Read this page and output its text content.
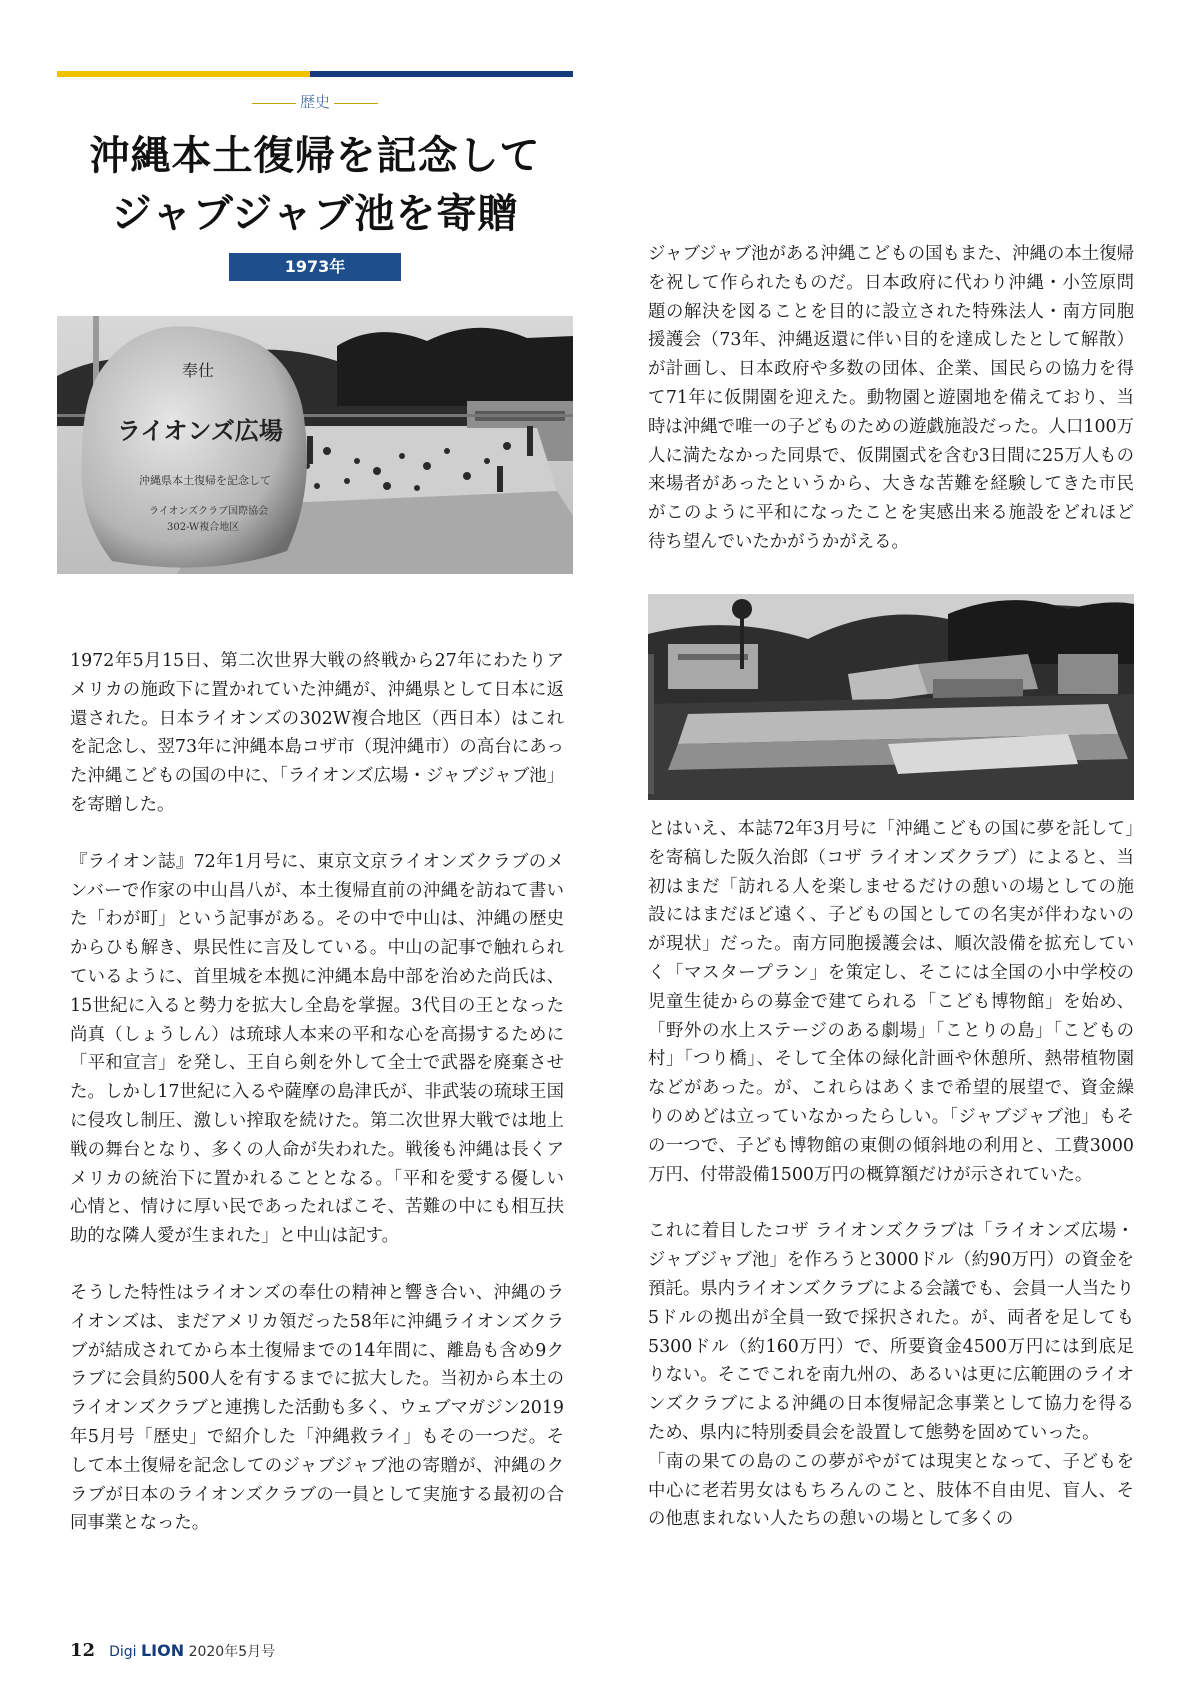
歴史
沖縄本土復帰を記念して
ジャブジャブ池を寄贈
1973年
奉仕
ライオンズ広場
沖縄県本土復帰を記念して
ライオンズクラブ国際協会
302-W複合地区

1972年5月15日、第二次世界大戦の終戦から27年にわたりアメリカの施政下に置かれていた沖縄が、沖縄県として日本に返還された。日本ライオンズの302W複合地区（西日本）はこれを記念し、翌73年に沖縄本島コザ市（現沖縄市）の高台にあった沖縄こどもの国の中に、「ライオンズ広場・ジャブジャブ池」を寄贈した。

『ライオン誌』72年1月号に、東京文京ライオンズクラブのメンバーで作家の中山昌八が、本土復帰直前の沖縄を訪ねて書いた「わが町」という記事がある。その中で中山は、沖縄の歴史からひも解き、県民性に言及している。中山の記事で触れられているように、首里城を本拠に沖縄本島中部を治めた尚氏は、15世紀に入ると勢力を拡大し全島を掌握。3代目の王となった尚真（しょうしん）は琉球人本来の平和な心を高揚するために「平和宣言」を発し、王自ら剣を外して全士で武器を廃棄させた。しかし17世紀に入るや薩摩の島津氏が、非武装の琉球王国に侵攻し制圧、激しい搾取を続けた。第二次世界大戦では地上戦の舞台となり、多くの人命が失われた。戦後も沖縄は長くアメリカの統治下に置かれることとなる。「平和を愛する優しい心情と、情けに厚い民であったればこそ、苦難の中にも相互扶助的な隣人愛が生まれた」と中山は記す。

そうした特性はライオンズの奉仕の精神と響き合い、沖縄のライオンズは、まだアメリカ領だった58年に沖縄ライオンズクラブが結成されてから本土復帰までの14年間に、離島も含め9クラブに会員約500人を有するまでに拡大した。当初から本土のライオンズクラブと連携した活動も多く、ウェブマガジン2019年5月号「歴史」で紹介した「沖縄救ライ」もその一つだ。そして本土復帰を記念してのジャブジャブ池の寄贈が、沖縄のクラブが日本のライオンズクラブの一員として実施する最初の合同事業となった。

ジャブジャブ池がある沖縄こどもの国もまた、沖縄の本土復帰を祝して作られたものだ。日本政府に代わり沖縄・小笠原問題の解決を図ることを目的に設立された特殊法人・南方同胞援護会（73年、沖縄返還に伴い目的を達成したとして解散）が計画し、日本政府や多数の団体、企業、国民らの協力を得て71年に仮開園を迎えた。動物園と遊園地を備えており、当時は沖縄で唯一の子どものための遊戯施設だった。人口100万人に満たなかった同県で、仮開園式を含む3日間に25万人もの来場者があったというから、大きな苦難を経験してきた市民がこのように平和になったことを実感出来る施設をどれほど待ち望んでいたかがうかがえる。

とはいえ、本誌72年3月号に「沖縄こどもの国に夢を託して」を寄稿した阪久治郎（コザ ライオンズクラブ）によると、当初はまだ「訪れる人を楽しませるだけの憩いの場としての施設にはまだほど遠く、子どもの国としての名実が伴わないのが現状」だった。南方同胞援護会は、順次設備を拡充していく「マスタープラン」を策定し、そこには全国の小中学校の児童生徒からの募金で建てられる「こども博物館」を始め、「野外の水上ステージのある劇場」「ことりの島」「こどもの村」「つり橋」、そして全体の緑化計画や休憩所、熱帯植物園などがあった。が、これらはあくまで希望的展望で、資金繰りのめどは立っていなかったらしい。「ジャブジャブ池」もその一つで、子ども博物館の東側の傾斜地の利用と、工費3000万円、付帯設備1500万円の概算額だけが示されていた。

これに着目したコザ ライオンズクラブは「ライオンズ広場・ジャブジャブ池」を作ろうと3000ドル（約90万円）の資金を預託。県内ライオンズクラブによる会議でも、会員一人当たり5ドルの拠出が全員一致で採択された。が、両者を足しても5300ドル（約160万円）で、所要資金4500万円には到底足りない。そこでこれを南九州の、あるいは更に広範囲のライオンズクラブによる沖縄の日本復帰記念事業として協力を得るため、県内に特別委員会を設置して態勢を固めていった。

「南の果ての島のこの夢がやがては現実となって、子どもを中心に老若男女はもちろんのこと、肢体不自由児、盲人、その他恵まれない人たちの憩いの場として多くの

12 Digi LION 2020年5月号
